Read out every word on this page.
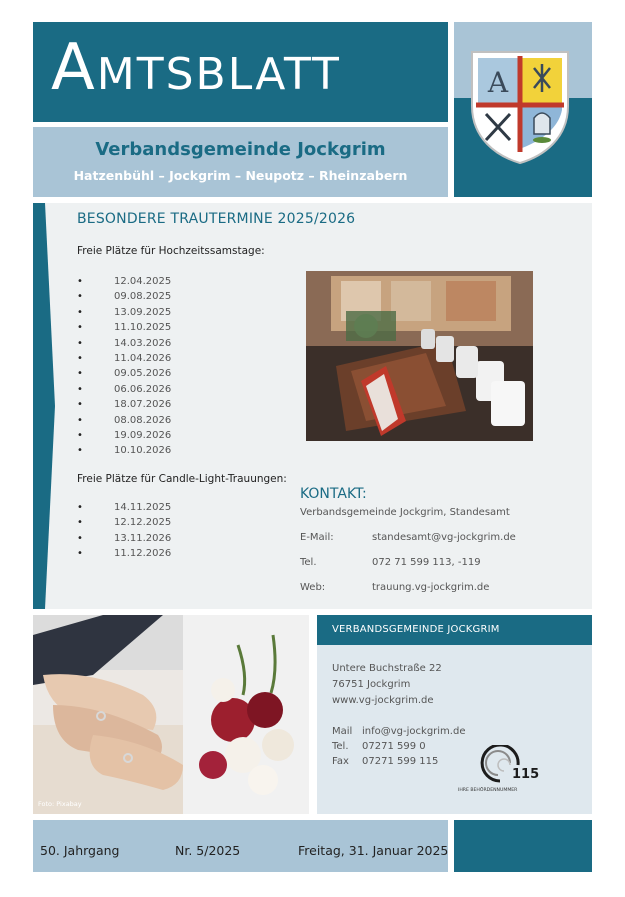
AMTSBLATT
Verbandsgemeinde Jockgrim
Hatzenbühl – Jockgrim – Neupotz – Rheinzabern
A
BESONDERE TRAUTERMINE 2025/2026
Freie Plätze für Hochzeitssamstage:
• 12.04.2025
• 09.08.2025
• 13.09.2025
• 11.10.2025
• 14.03.2026
• 11.04.2026
• 09.05.2026
• 06.06.2026
• 18.07.2026
• 08.08.2026
• 19.09.2026
• 10.10.2026
Freie Plätze für Candle-Light-Trauungen:
• 14.11.2025
• 12.12.2025
• 13.11.2026
• 11.12.2026
KONTAKT:
Verbandsgemeinde Jockgrim, Standesamt
E-Mail:	standesamt@vg-jockgrim.de
Tel.	072 71 599 113, -119
Web:	trauung.vg-jockgrim.de
Foto: Pixabay
VERBANDSGEMEINDE JOCKGRIM
Untere Buchstraße 22
76751 Jockgrim
www.vg-jockgrim.de
Mail info@vg-jockgrim.de
Tel. 07271 599 0
Fax 07271 599 115
115
IHRE BEHÖRDENNUMMER
50. Jahrgang	Nr. 5/2025	Freitag, 31. Januar 2025
